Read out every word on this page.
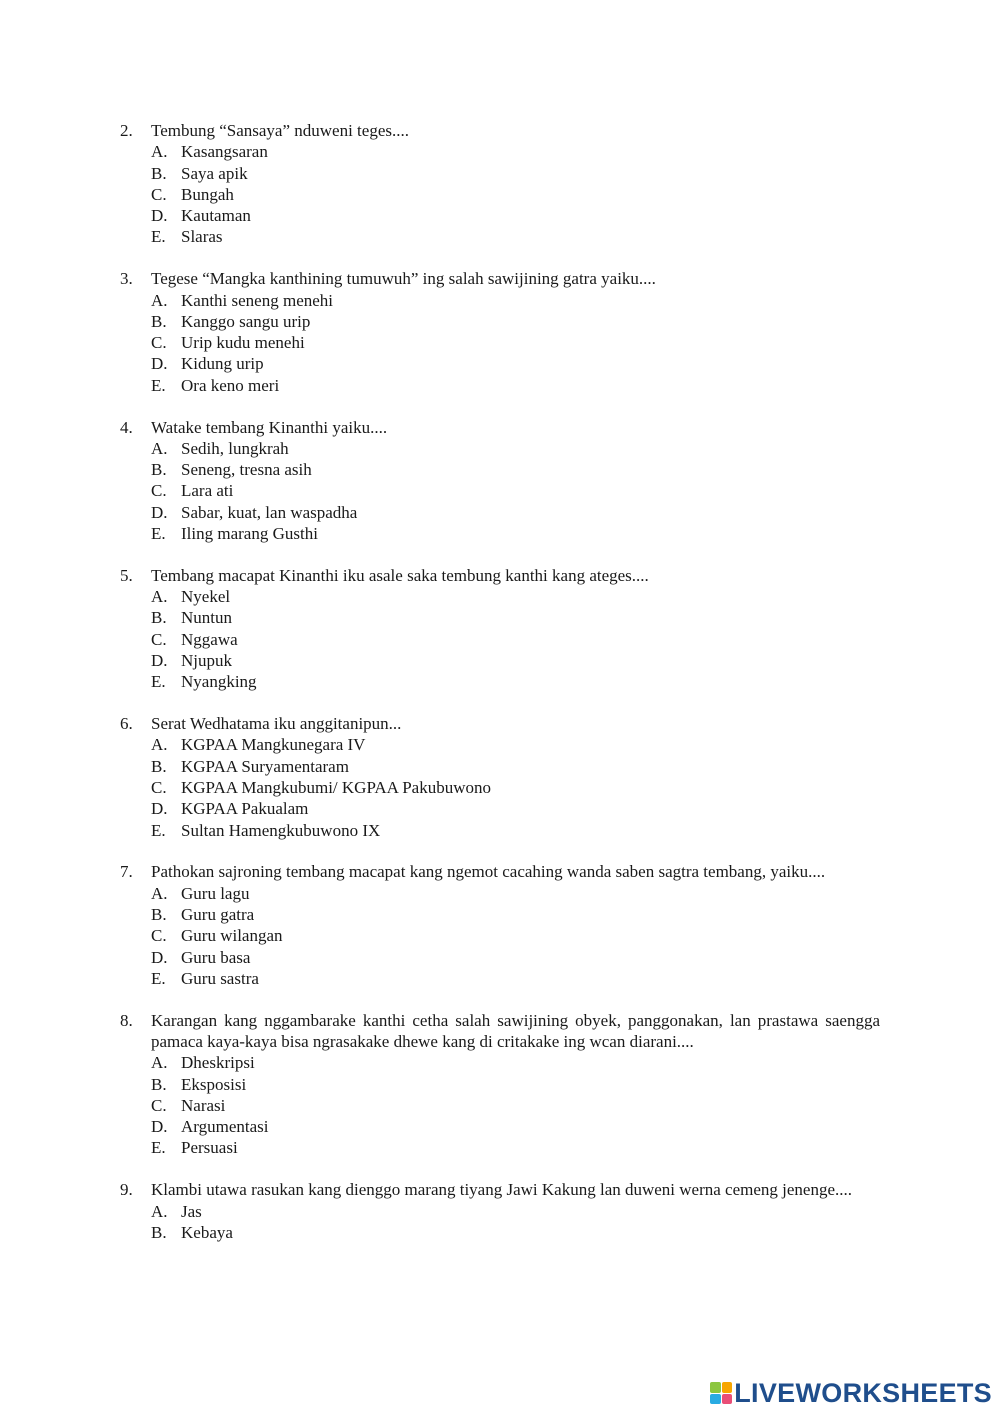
2.	Tembung “Sansaya” nduweni teges....
A. Kasangsaran
B. Saya apik
C. Bungah
D. Kautaman
E. Slaras
3.	Tegese “Mangka kanthining tumuwuh” ing salah sawijining gatra yaiku....
A. Kanthi seneng menehi
B. Kanggo sangu urip
C. Urip kudu menehi
D. Kidung urip
E. Ora keno meri
4.	Watake tembang Kinanthi yaiku....
A. Sedih, lungkrah
B. Seneng, tresna asih
C. Lara ati
D. Sabar, kuat, lan waspadha
E. Iling marang Gusthi
5.	Tembang macapat Kinanthi iku asale saka tembung kanthi kang ateges....
A. Nyekel
B. Nuntun
C. Nggawa
D. Njupuk
E. Nyangking
6.	Serat Wedhatama iku anggitanipun...
A. KGPAA Mangkunegara IV
B. KGPAA Suryamentaram
C. KGPAA Mangkubumi/ KGPAA Pakubuwono
D. KGPAA Pakualam
E. Sultan Hamengkubuwono IX
7.	Pathokan sajroning tembang macapat kang ngemot cacahing wanda saben sagtra tembang, yaiku....
A. Guru lagu
B. Guru gatra
C. Guru wilangan
D. Guru basa
E. Guru sastra
8.	Karangan kang nggambarake kanthi cetha salah sawijining obyek, panggonakan, lan prastawa saengga pamaca kaya-kaya bisa ngrasakake dhewe kang di critakake ing wcan diarani....
A. Dheskripsi
B. Eksposisi
C. Narasi
D. Argumentasi
E. Persuasi
9.	Klambi utawa rasukan kang dienggo marang tiyang Jawi Kakung lan duweni werna cemeng jenenge....
A. Jas
B. Kebaya
LIVEWORKSHEETS
